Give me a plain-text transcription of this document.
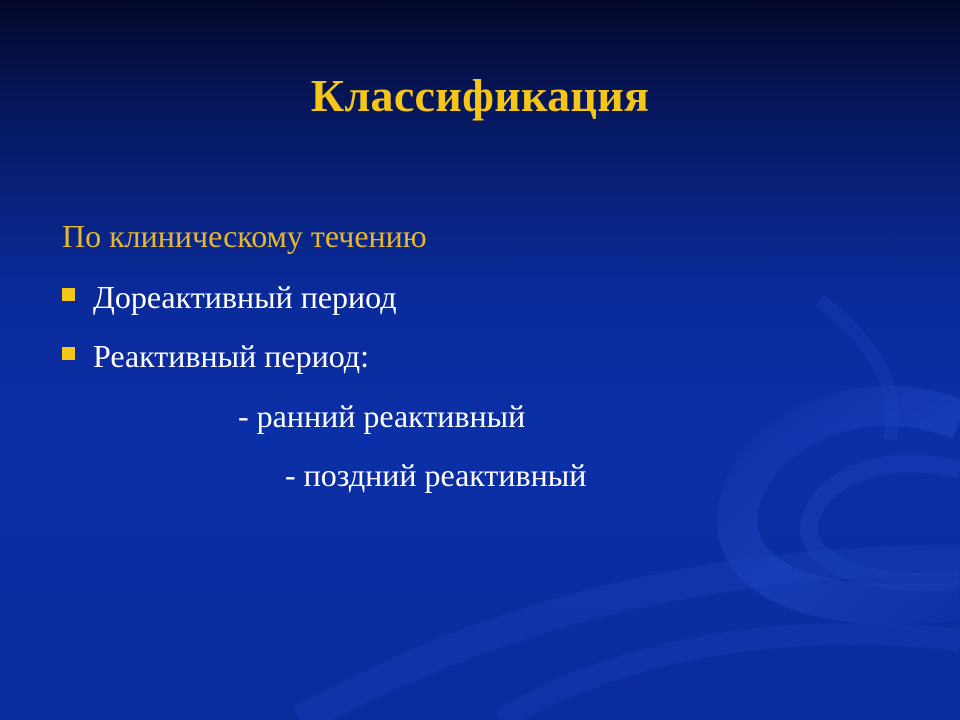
Классификация
По клиническому течению
Дореактивный период
Реактивный период:
- ранний реактивный
- поздний реактивный
